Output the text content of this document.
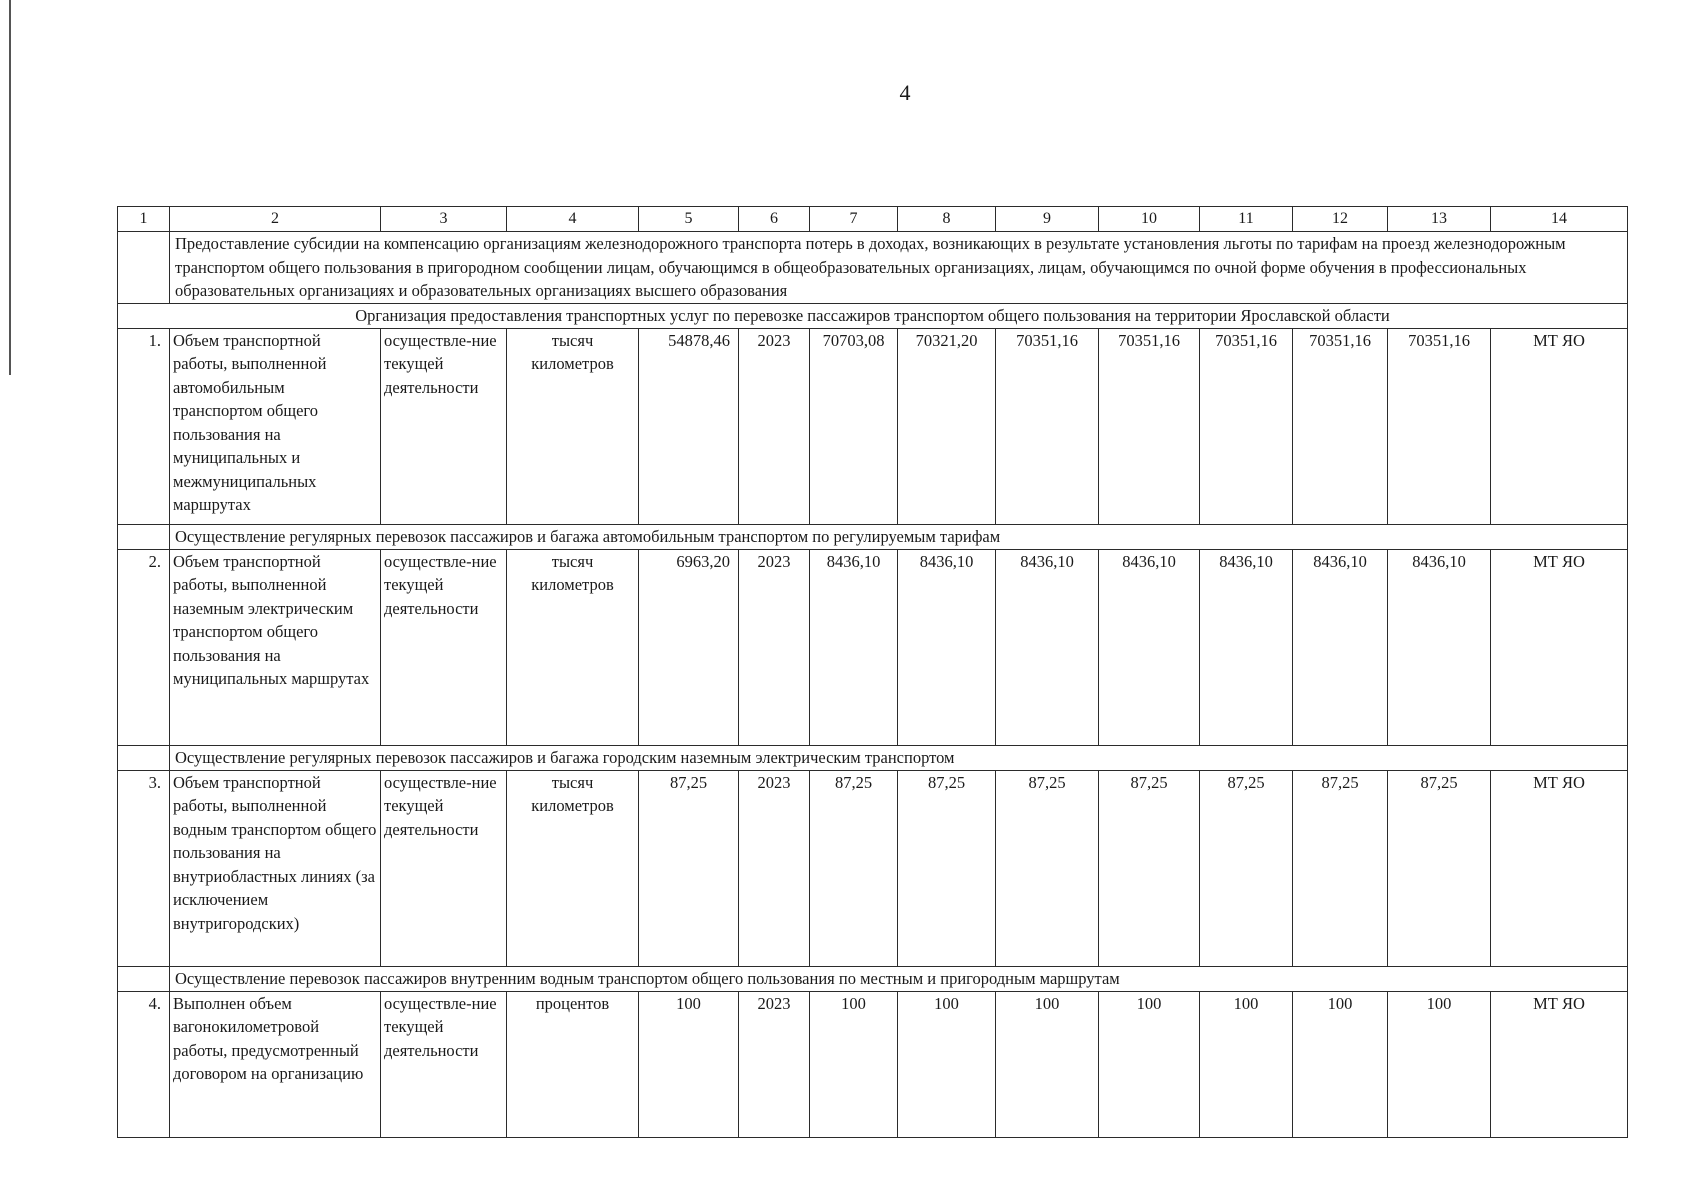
4
1	2	3	4	5	6	7	8	9	10	11	12	13	14
	Предоставление субсидии на компенсацию организациям железнодорожного транспорта потерь в доходах, возникающих в результате установления льготы по тарифам на проезд железнодорожным транспортом общего пользования в пригородном сообщении лицам, обучающимся в общеобразовательных организациях, лицам, обучающимся по очной форме обучения в профессиональных образовательных организациях и образовательных организациях высшего образования												
Организация предоставления транспортных услуг по перевозке пассажиров транспортом общего пользования на территории Ярославской области													
1.	Объем транспортной работы, выполненной автомобильным транспортом общего пользования на муниципальных и межмуниципальных маршрутах	осуществле-ние текущей деятельности	тысяч километров	54878,46	2023	70703,08	70321,20	70351,16	70351,16	70351,16	70351,16	70351,16	МТ ЯО
	Осуществление регулярных перевозок пассажиров и багажа автомобильным транспортом по регулируемым тарифам												
2.	Объем транспортной работы, выполненной наземным электрическим транспортом общего пользования на муниципальных маршрутах	осуществле-ние текущей деятельности	тысяч километров	6963,20	2023	8436,10	8436,10	8436,10	8436,10	8436,10	8436,10	8436,10	МТ ЯО
	Осуществление регулярных перевозок пассажиров и багажа городским наземным электрическим транспортом												
3.	Объем транспортной работы, выполненной водным транспортом общего пользования на внутриобластных линиях (за исключением внутригородских)	осуществле-ние текущей деятельности	тысяч километров	87,25	2023	87,25	87,25	87,25	87,25	87,25	87,25	87,25	МТ ЯО
	Осуществление перевозок пассажиров внутренним водным транспортом общего пользования по местным и пригородным маршрутам												
4.	Выполнен объем вагонокилометровой работы, предусмотренный договором на организацию	осуществле-ние текущей деятельности	процентов	100	2023	100	100	100	100	100	100	100	МТ ЯО
